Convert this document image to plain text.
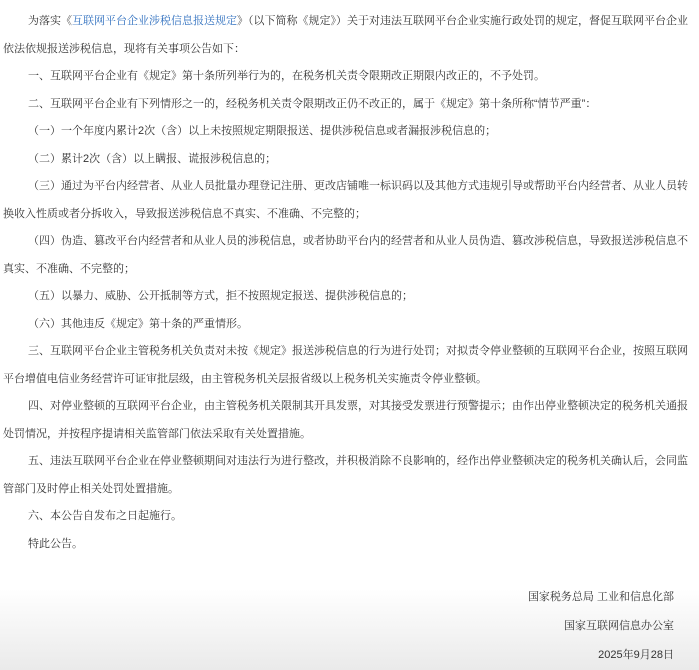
为落实《互联网平台企业涉税信息报送规定》（以下简称《规定》）关于对违法互联网平台企业实施行政处罚的规定，督促互联网平台企业依法依规报送涉税信息，现将有关事项公告如下：

一、互联网平台企业有《规定》第十条所列举行为的，在税务机关责令限期改正期限内改正的，不予处罚。

二、互联网平台企业有下列情形之一的，经税务机关责令限期改正仍不改正的，属于《规定》第十条所称“情节严重”：

（一）一个年度内累计2次（含）以上未按照规定期限报送、提供涉税信息或者漏报涉税信息的；

（二）累计2次（含）以上瞒报、谎报涉税信息的；

（三）通过为平台内经营者、从业人员批量办理登记注册、更改店铺唯一标识码以及其他方式违规引导或帮助平台内经营者、从业人员转换收入性质或者分拆收入，导致报送涉税信息不真实、不准确、不完整的；

（四）伪造、篡改平台内经营者和从业人员的涉税信息，或者协助平台内的经营者和从业人员伪造、篡改涉税信息，导致报送涉税信息不真实、不准确、不完整的；

（五）以暴力、威胁、公开抵制等方式，拒不按照规定报送、提供涉税信息的；

（六）其他违反《规定》第十条的严重情形。

三、互联网平台企业主管税务机关负责对未按《规定》报送涉税信息的行为进行处罚；对拟责令停业整顿的互联网平台企业，按照互联网平台增值电信业务经营许可证审批层级，由主管税务机关层报省级以上税务机关实施责令停业整顿。

四、对停业整顿的互联网平台企业，由主管税务机关限制其开具发票，对其接受发票进行预警提示；由作出停业整顿决定的税务机关通报处罚情况，并按程序提请相关监管部门依法采取有关处置措施。

五、违法互联网平台企业在停业整顿期间对违法行为进行整改，并积极消除不良影响的，经作出停业整顿决定的税务机关确认后，会同监管部门及时停止相关处罚处置措施。

六、本公告自发布之日起施行。

特此公告。

国家税务总局 工业和信息化部

国家互联网信息办公室

2025年9月28日
